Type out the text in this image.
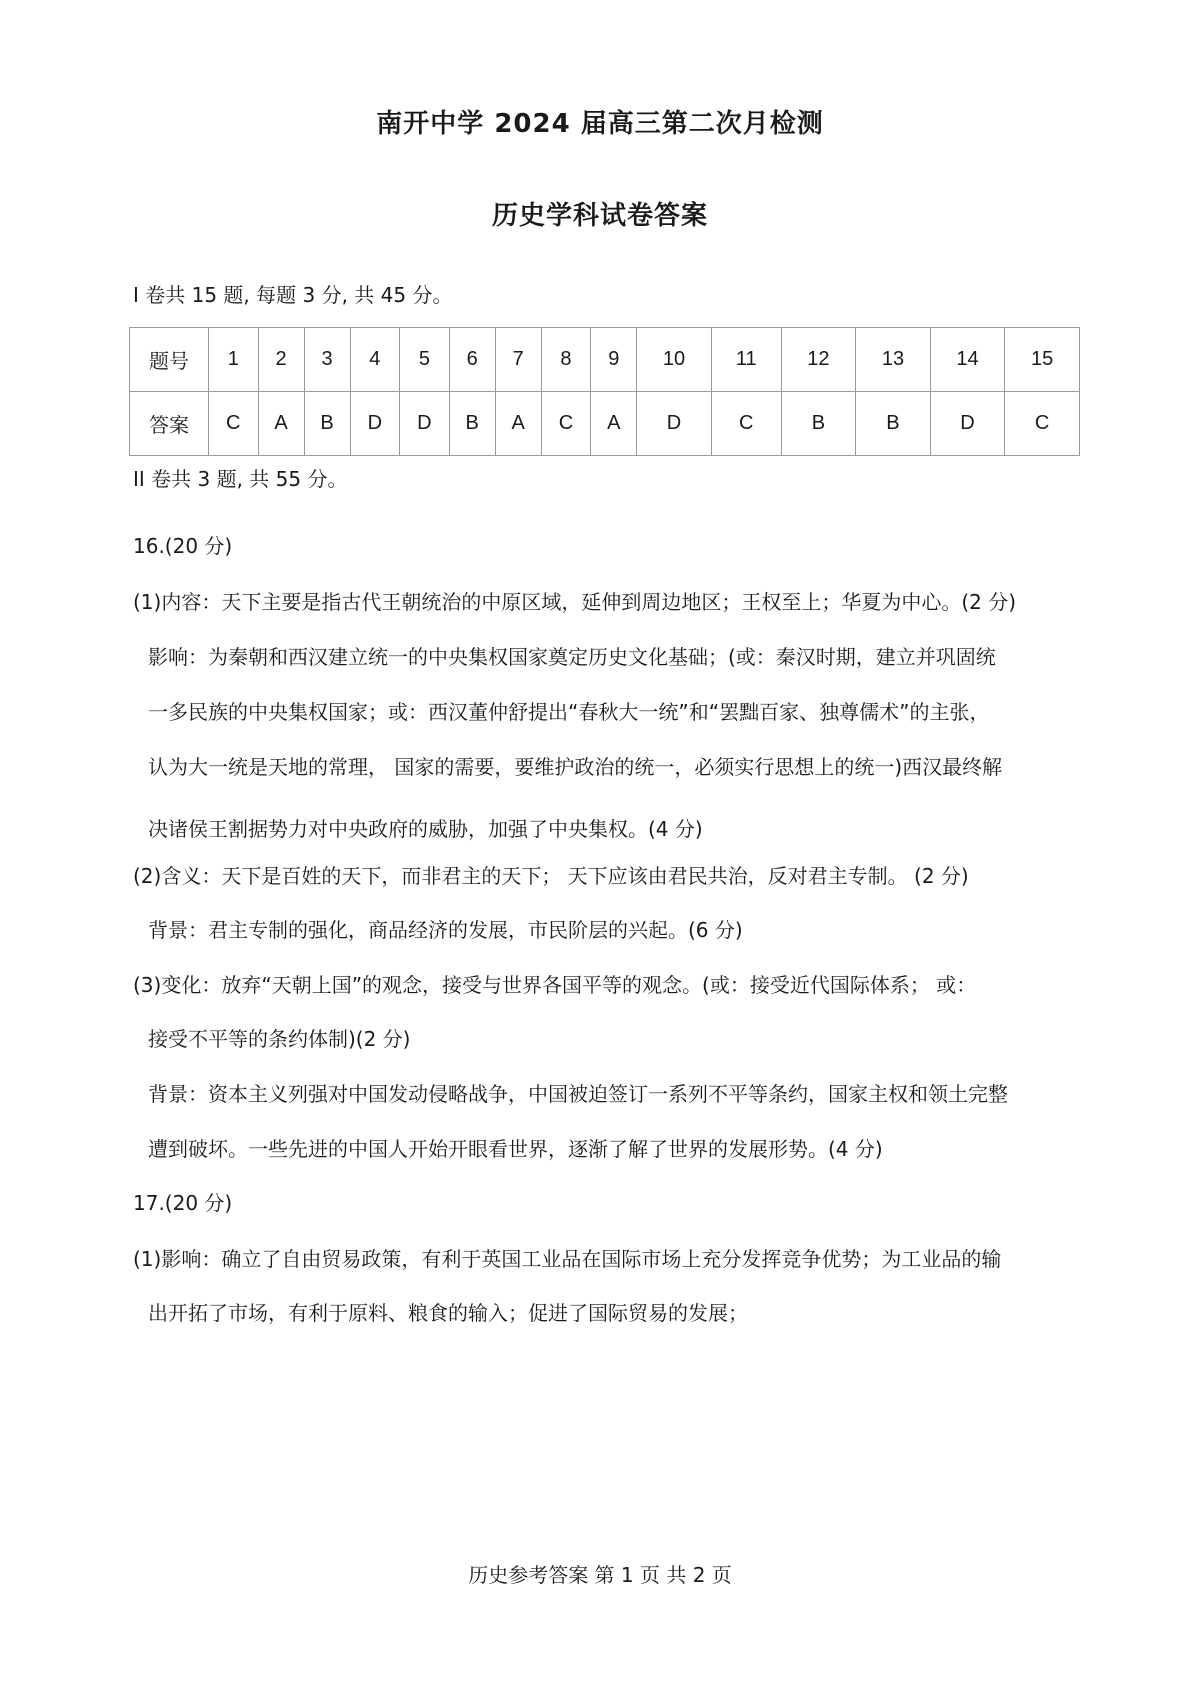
南开中学 2024 届高三第二次月检测
历史学科试卷答案
I 卷共 15 题, 每题 3 分, 共 45 分。
题号	1	2	3	4	5	6	7	8	9	10	11	12	13	14	15
答案	C	A	B	D	D	B	A	C	A	D	C	B	B	D	C
II 卷共 3 题, 共 55 分。
16.(20 分)
(1)内容：天下主要是指古代王朝统治的中原区域，延伸到周边地区；王权至上；华夏为中心。(2 分)
影响：为秦朝和西汉建立统一的中央集权国家奠定历史文化基础；(或：秦汉时期，建立并巩固统
一多民族的中央集权国家；或：西汉董仲舒提出“春秋大一统”和“罢黜百家、独尊儒术”的主张，
认为大一统是天地的常理， 国家的需要，要维护政治的统一，必须实行思想上的统一)西汉最终解
决诸侯王割据势力对中央政府的威胁，加强了中央集权。(4 分)
(2)含义：天下是百姓的天下，而非君主的天下； 天下应该由君民共治，反对君主专制。 (2 分)
背景：君主专制的强化，商品经济的发展，市民阶层的兴起。(6 分)
(3)变化：放弃“天朝上国”的观念，接受与世界各国平等的观念。(或：接受近代国际体系； 或：
接受不平等的条约体制)(2 分)
背景：资本主义列强对中国发动侵略战争，中国被迫签订一系列不平等条约，国家主权和领土完整
遭到破坏。一些先进的中国人开始开眼看世界，逐渐了解了世界的发展形势。(4 分)
17.(20 分)
(1)影响：确立了自由贸易政策，有利于英国工业品在国际市场上充分发挥竞争优势；为工业品的输
出开拓了市场，有利于原料、粮食的输入；促进了国际贸易的发展；
历史参考答案 第 1 页 共 2 页
